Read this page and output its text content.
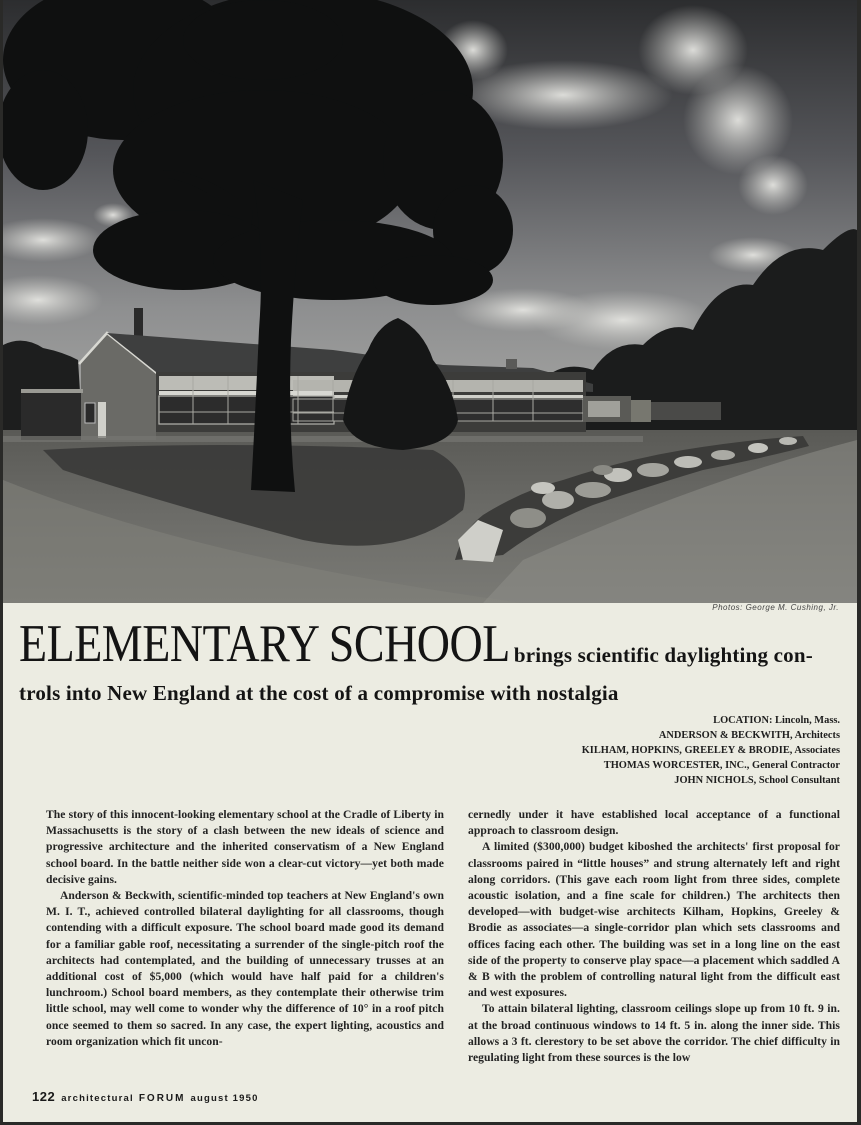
Photos: George M. Cushing, Jr.
ELEMENTARY SCHOOL brings scientific daylighting con-
trols into New England at the cost of a compromise with nostalgia
LOCATION: Lincoln, Mass.
ANDERSON & BECKWITH, Architects
KILHAM, HOPKINS, GREELEY & BRODIE, Associates
THOMAS WORCESTER, INC., General Contractor
JOHN NICHOLS, School Consultant

The story of this innocent-looking elementary school at the Cradle of Liberty in Massachusetts is the story of a clash between the new ideals of science and progressive architecture and the inherited conservatism of a New England school board. In the battle neither side won a clear-cut victory—yet both made decisive gains.

Anderson & Beckwith, scientific-minded top teachers at New England's own M. I. T., achieved controlled bilateral daylighting for all classrooms, though contending with a difficult exposure. The school board made good its demand for a familiar gable roof, necessitating a surrender of the single-pitch roof the architects had contemplated, and the building of unnecessary trusses at an additional cost of $5,000 (which would have half paid for a children's lunchroom.) School board members, as they contemplate their otherwise trim little school, may well come to wonder why the difference of 10° in a roof pitch once seemed to them so sacred. In any case, the expert lighting, acoustics and room organization which fit uncon-

cernedly under it have established local acceptance of a functional approach to classroom design.

A limited ($300,000) budget kiboshed the architects' first proposal for classrooms paired in “little houses” and strung alternately left and right along corridors. (This gave each room light from three sides, complete acoustic isolation, and a fine scale for children.) The architects then developed—with budget-wise architects Kilham, Hopkins, Greeley & Brodie as associates—a single-corridor plan which sets classrooms and offices facing each other. The building was set in a long line on the east side of the property to conserve play space—a placement which saddled A & B with the problem of controlling natural light from the difficult east and west exposures.

To attain bilateral lighting, classroom ceilings slope up from 10 ft. 9 in. at the broad continuous windows to 14 ft. 5 in. along the inner side. This allows a 3 ft. clerestory to be set above the corridor. The chief difficulty in regulating light from these sources is the low

122 architectural FORUM august 1950
